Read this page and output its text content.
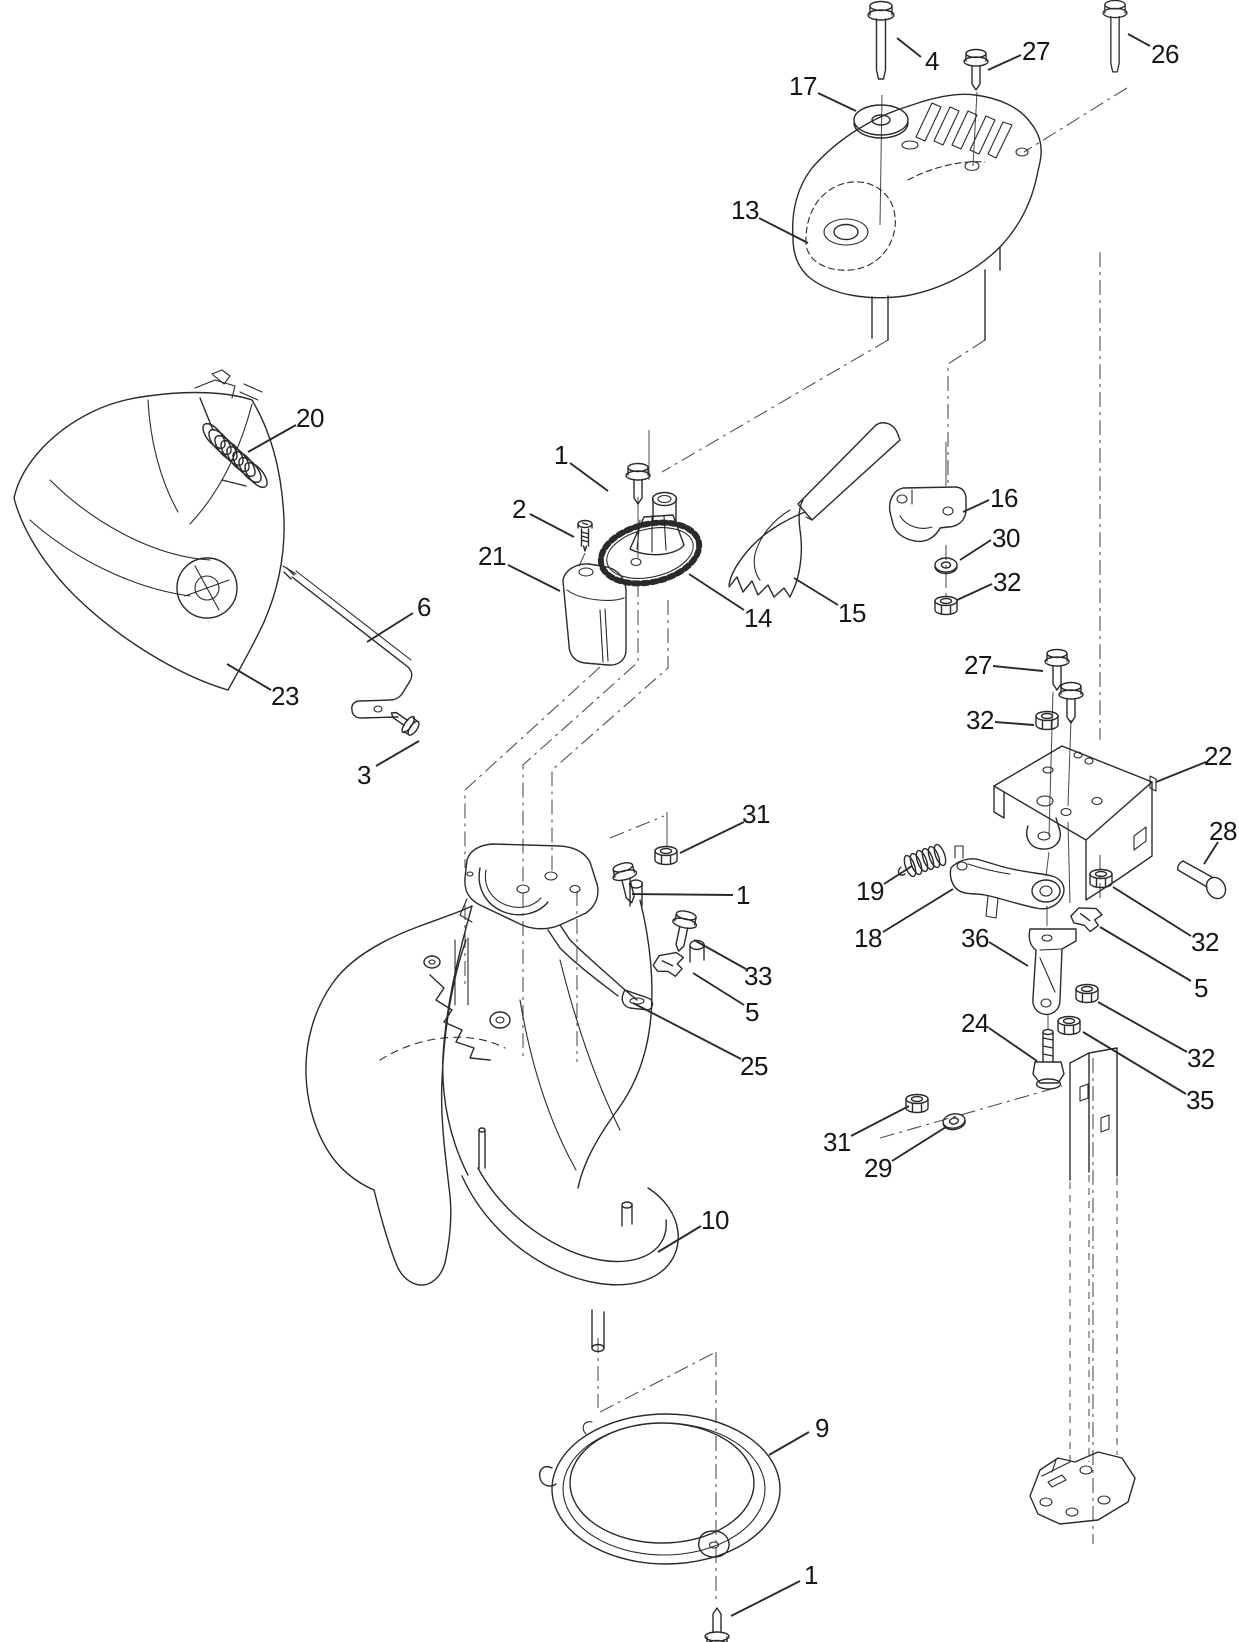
4	27	26
17
13
20
1
2
21
6	14	15
16
30
32
23
3
27
32
22
28
31
1	19
18	36	32
5
33
5	24
32
35
25
31
29
10
9
1
